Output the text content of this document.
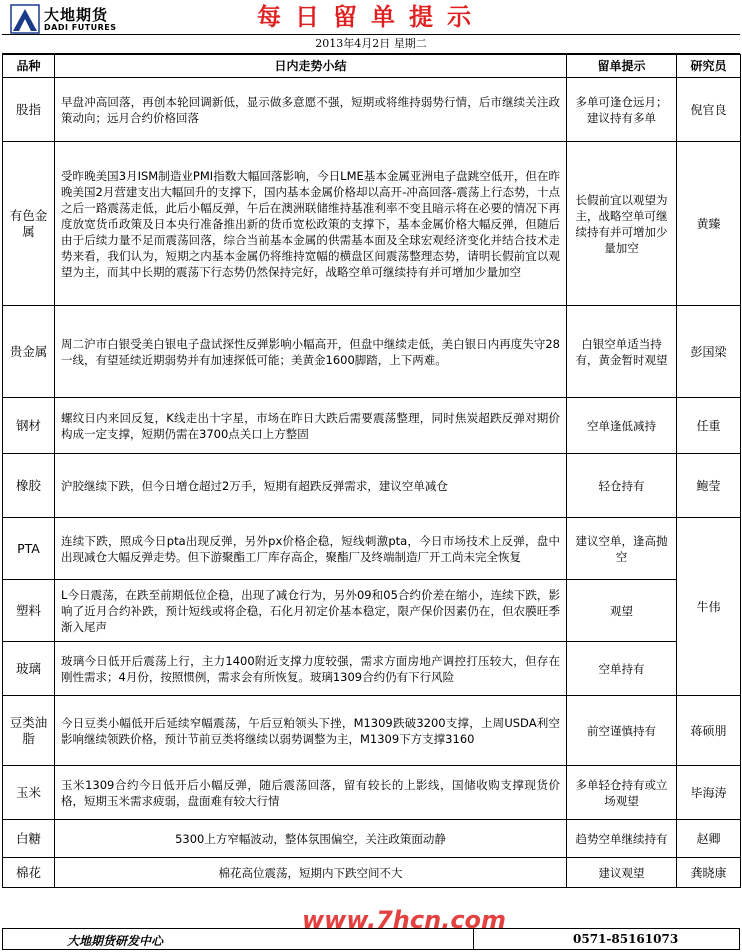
大地期货
DADI FUTURES	每日留单提示
2013年4月2日 星期二
品种	日内走势小结	留单提示	研究员
股指	早盘冲高回落，再创本轮回调新低，显示做多意愿不强，短期或将维持弱势行情，后市继续关注政策动向；远月合约价格回落	多单可逢仓远月；建议持有多单	倪官良
有色金属	受昨晚美国3月ISM制造业PMI指数大幅回落影响，今日LME基本金属亚洲电子盘跳空低开，但在昨晚美国2月营建支出大幅回升的支撑下，国内基本金属价格却以高开-冲高回落-震荡上行态势，十点之后一路震荡走低，此后小幅反弹，午后在澳洲联储维持基准利率不变且暗示将在必要的情况下再度放宽货币政策及日本央行准备推出新的货币宽松政策的支撑下，基本金属价格大幅反弹，但随后由于后续力量不足而震荡回落，综合当前基本金属的供需基本面及全球宏观经济变化并结合技术走势来看，我们认为，短期之内基本金属仍将维持宽幅的横盘区间震荡整理态势，请明长假前宜以观望为主，而其中长期的震荡下行态势仍然保持完好，战略空单可继续持有并可增加少量加空	长假前宜以观望为主，战略空单可继续持有并可增加少量加空	黄臻
贵金属	周二沪市白银受美白银电子盘试探性反弹影响小幅高开，但盘中继续走低，美白银日内再度失守28一线，有望延续近期弱势并有加速探低可能；美黄金1600脚踏，上下两难。	白银空单适当持有，黄金暂时观望	彭国梁
钢材	螺纹日内来回反复，K线走出十字星，市场在昨日大跌后需要震荡整理，同时焦炭超跌反弹对期价构成一定支撑，短期仍需在3700点关口上方整固	空单逢低减持	任重
橡胶	沪胶继续下跌，但今日增仓超过2万手，短期有超跌反弹需求，建议空单减仓	轻仓持有	鲍莹
PTA	连续下跌，照成今日pta出现反弹，另外px价格企稳，短线刺激pta，今日市场技术上反弹，盘中出现减仓大幅反弹走势。但下游聚酯工厂库存高企，聚酯厂及终端制造厂开工尚未完全恢复	建议空单，逢高抛空	牛伟
塑料	L今日震荡，在跌至前期低位企稳，出现了减仓行为，另外09和05合约价差在缩小，连续下跌，影响了近月合约补跌，预计短线或将企稳，石化月初定价基本稳定，限产保价因素仍在，但农膜旺季渐入尾声	观望	
玻璃	玻璃今日低开后震荡上行，主力1400附近支撑力度较强，需求方面房地产调控打压较大，但存在刚性需求；4月份，按照惯例，需求会有所恢复。玻璃1309合约仍有下行风险	空单持有	
豆类油脂	今日豆类小幅低开后延续窄幅震荡，午后豆粕领头下挫，M1309跌破3200支撑，上周USDA利空影响继续领跌价格，预计节前豆类将继续以弱势调整为主，M1309下方支撑3160	前空谨慎持有	蒋硕朋
玉米	玉米1309合约今日低开后小幅反弹，随后震荡回落，留有较长的上影线，国储收购支撑现货价格，短期玉米需求疲弱，盘面难有较大行情	多单轻仓持有或立场观望	毕海涛
白糖	5300上方窄幅波动，整体氛围偏空，关注政策面动静	趋势空单继续持有	赵卿
棉花	棉花高位震荡，短期内下跌空间不大	建议观望	龚晓康
www.7hcn.com
大地期货研发中心	0571-85161073
